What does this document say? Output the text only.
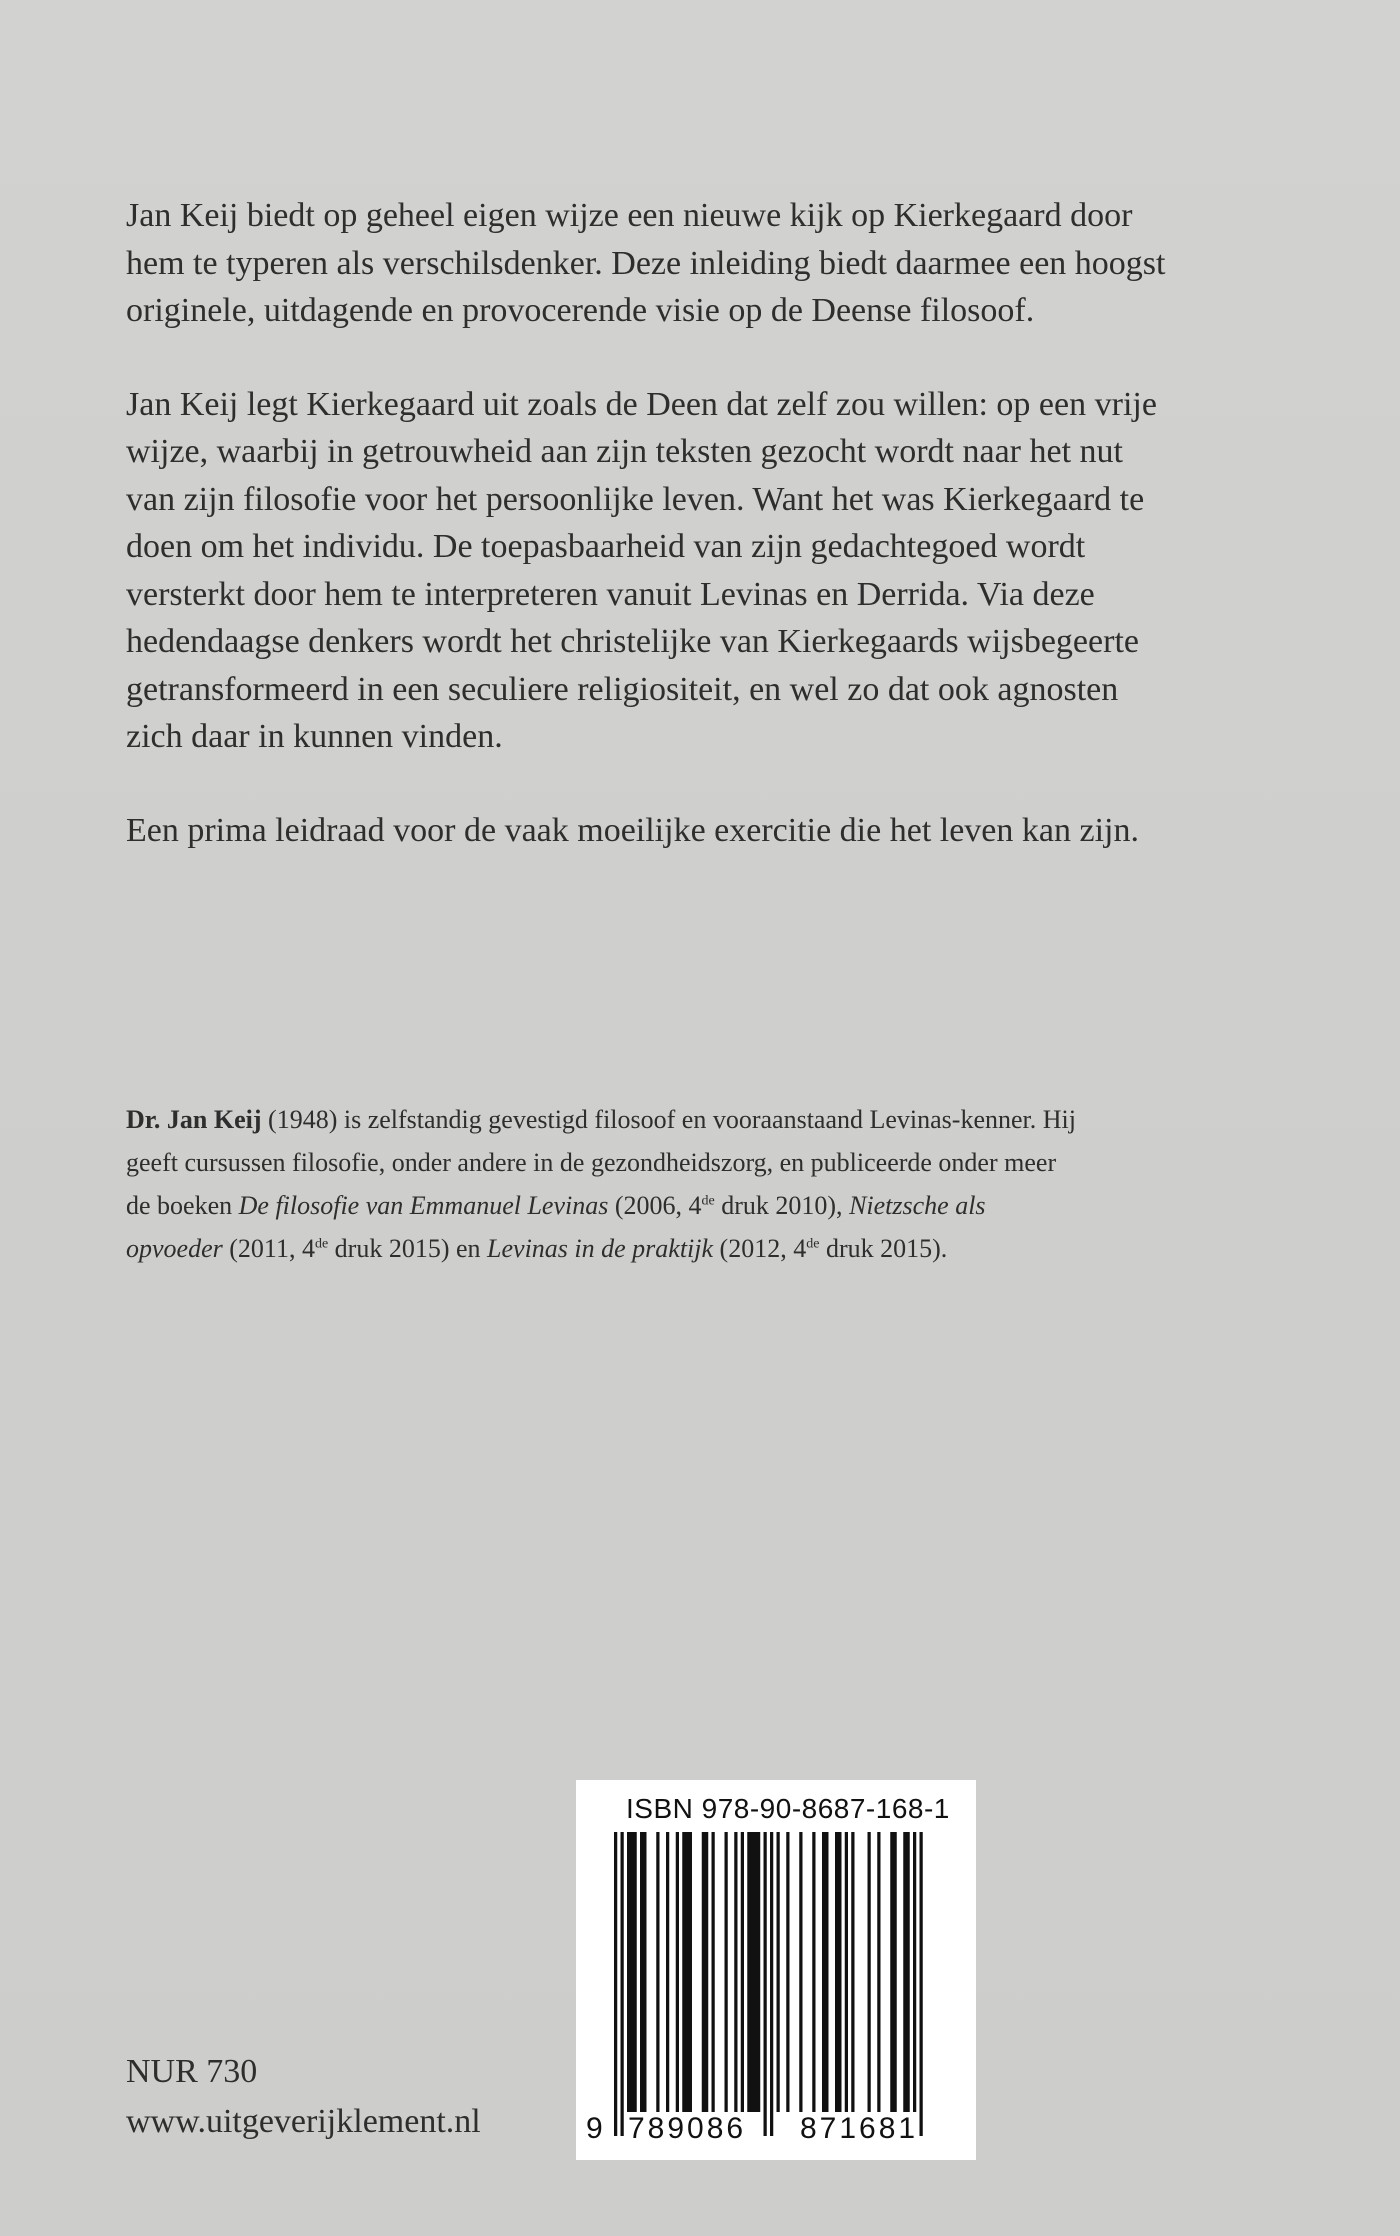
Jan Keij biedt op geheel eigen wijze een nieuwe kijk op Kierkegaard door hem te typeren als verschilsdenker. Deze inleiding biedt daarmee een hoogst originele, uitdagende en provocerende visie op de Deense filosoof.

Jan Keij legt Kierkegaard uit zoals de Deen dat zelf zou willen: op een vrije wijze, waarbij in getrouwheid aan zijn teksten gezocht wordt naar het nut van zijn filosofie voor het persoonlijke leven. Want het was Kierkegaard te doen om het individu. De toepasbaarheid van zijn gedachtegoed wordt versterkt door hem te interpreteren vanuit Levinas en Derrida. Via deze hedendaagse denkers wordt het christelijke van Kierkegaards wijsbegeerte getransformeerd in een seculiere religiositeit, en wel zo dat ook agnosten zich daar in kunnen vinden.

Een prima leidraad voor de vaak moeilijke exercitie die het leven kan zijn.

Dr. Jan Keij (1948) is zelfstandig gevestigd filosoof en vooraanstaand Levinas-kenner. Hij geeft cursussen filosofie, onder andere in de gezondheidszorg, en publiceerde onder meer de boeken De filosofie van Emmanuel Levinas (2006, 4de druk 2010), Nietzsche als opvoeder (2011, 4de druk 2015) en Levinas in de praktijk (2012, 4de druk 2015).

NUR 730
www.uitgeverijklement.nl
ISBN 978-90-8687-168-1
9 789086 871681
